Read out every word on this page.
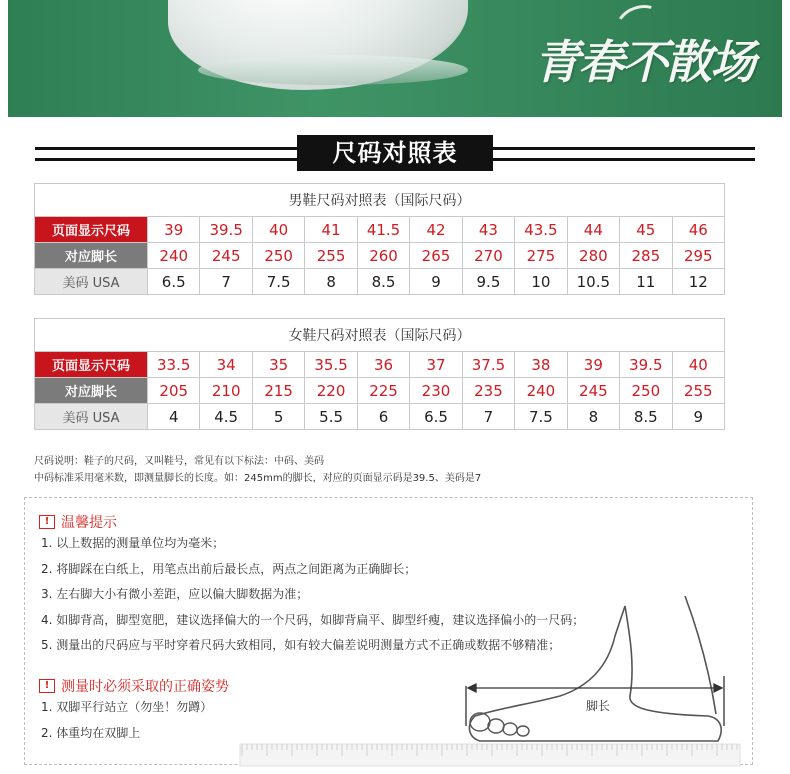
青春不散场
尺码对照表
男鞋尺码对照表（国际尺码）											
页面显示尺码	39	39.5	40	41	41.5	42	43	43.5	44	45	46
对应脚长	240	245	250	255	260	265	270	275	280	285	295
美码 USA	6.5	7	7.5	8	8.5	9	9.5	10	10.5	11	12
女鞋尺码对照表（国际尺码）											
页面显示尺码	33.5	34	35	35.5	36	37	37.5	38	39	39.5	40
对应脚长	205	210	215	220	225	230	235	240	245	250	255
美码 USA	4	4.5	5	5.5	6	6.5	7	7.5	8	8.5	9
尺码说明：鞋子的尺码，又叫鞋号，常见有以下标法：中码、美码
中码标准采用毫米数，即测量脚长的长度。如：245mm的脚长，对应的页面显示码是39.5、美码是7
! 温馨提示
1. 以上数据的测量单位均为毫米；
2. 将脚踩在白纸上，用笔点出前后最长点，两点之间距离为正确脚长；
3. 左右脚大小有微小差距，应以偏大脚数据为准；
4. 如脚背高，脚型宽肥，建议选择偏大的一个尺码，如脚背扁平、脚型纤瘦，建议选择偏小的一尺码；
5. 测量出的尺码应与平时穿着尺码大致相同，如有较大偏差说明测量方式不正确或数据不够精准；
! 测量时必须采取的正确姿势
1. 双脚平行站立（勿坐！勿蹲）
2. 体重均在双脚上
脚长
